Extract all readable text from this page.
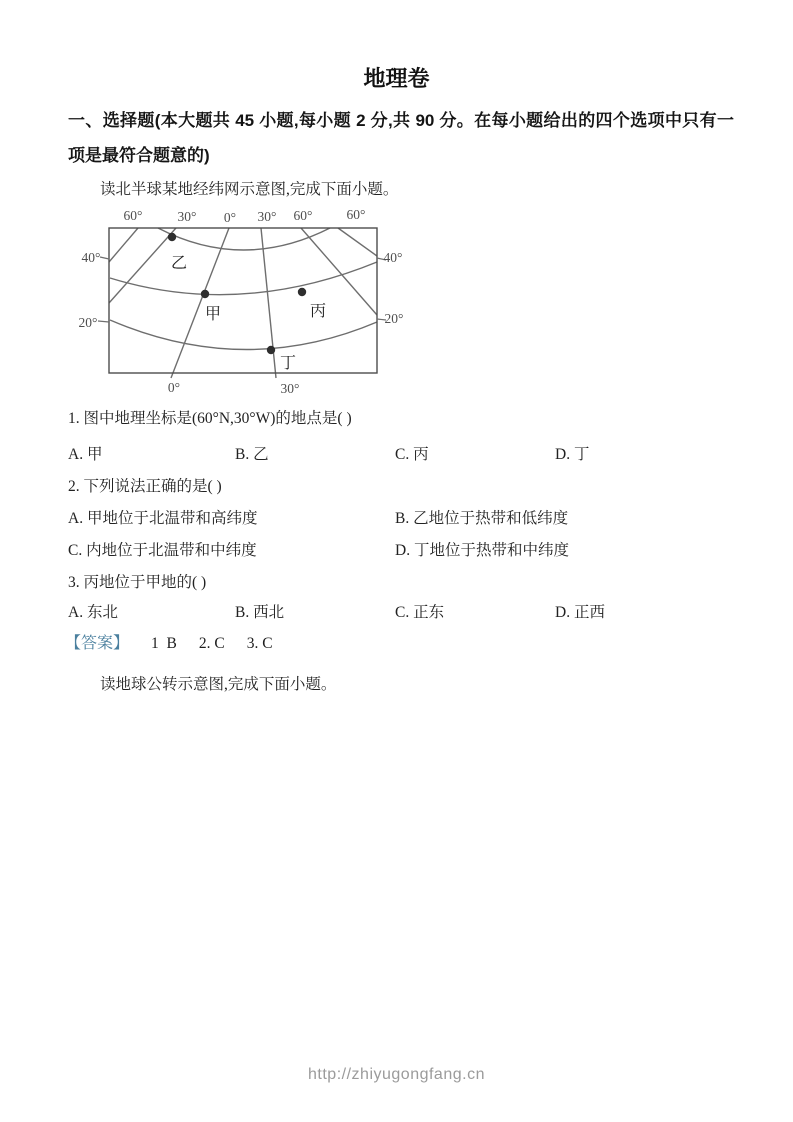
地理卷
一、选择题(本大题共 45 小题,每小题 2 分,共 90 分。在每小题给出的四个选项中只有一项是最符合题意的)
读北半球某地经纬网示意图,完成下面小题。
乙
甲	丙
丁
60°	30° 0° 30° 60°	60°
40°
20°
40°
20°
0°	30°
1. 图中地理坐标是(60°N,30°W)的地点是( )
A. 甲	B. 乙	C. 丙	D. 丁
2. 下列说法正确的是( )
A. 甲地位于北温带和高纬度	B. 乙地位于热带和低纬度
C. 内地位于北温带和中纬度	D. 丁地位于热带和中纬度
3. 丙地位于甲地的( )
A. 东北	B. 西北	C. 正东	D. 正西
【答案】 1  B 2. C 3. C
读地球公转示意图,完成下面小题。
http://zhiyugongfang.cn
